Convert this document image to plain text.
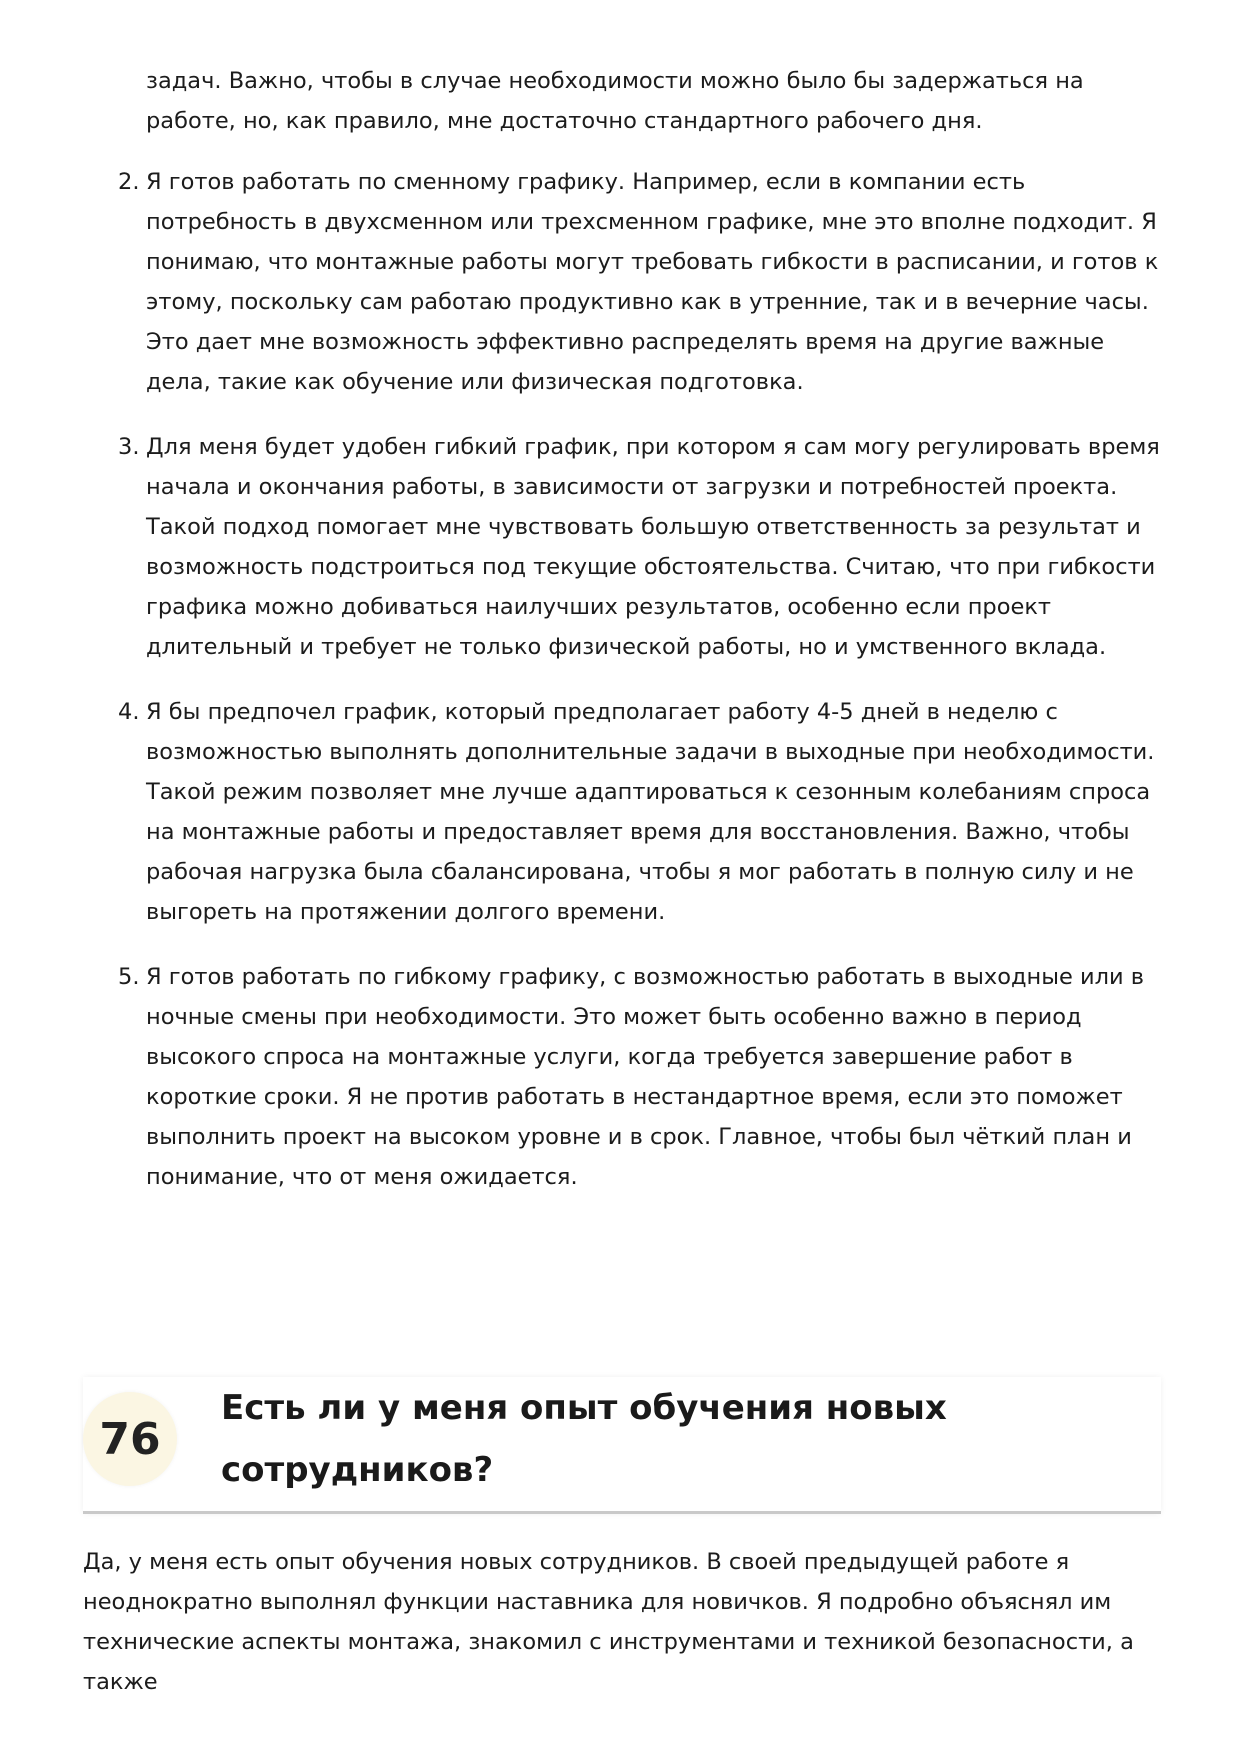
задач. Важно, чтобы в случае необходимости можно было бы задержаться на работе, но, как правило, мне достаточно стандартного рабочего дня.

2. Я готов работать по сменному графику. Например, если в компании есть потребность в двухсменном или трехсменном графике, мне это вполне подходит. Я понимаю, что монтажные работы могут требовать гибкости в расписании, и готов к этому, поскольку сам работаю продуктивно как в утренние, так и в вечерние часы. Это дает мне возможность эффективно распределять время на другие важные дела, такие как обучение или физическая подготовка.
3. Для меня будет удобен гибкий график, при котором я сам могу регулировать время начала и окончания работы, в зависимости от загрузки и потребностей проекта. Такой подход помогает мне чувствовать большую ответственность за результат и возможность подстроиться под текущие обстоятельства. Считаю, что при гибкости графика можно добиваться наилучших результатов, особенно если проект длительный и требует не только физической работы, но и умственного вклада.
4. Я бы предпочел график, который предполагает работу 4-5 дней в неделю с возможностью выполнять дополнительные задачи в выходные при необходимости. Такой режим позволяет мне лучше адаптироваться к сезонным колебаниям спроса на монтажные работы и предоставляет время для восстановления. Важно, чтобы рабочая нагрузка была сбалансирована, чтобы я мог работать в полную силу и не выгореть на протяжении долгого времени.
5. Я готов работать по гибкому графику, с возможностью работать в выходные или в ночные смены при необходимости. Это может быть особенно важно в период высокого спроса на монтажные услуги, когда требуется завершение работ в короткие сроки. Я не против работать в нестандартное время, если это поможет выполнить проект на высоком уровне и в срок. Главное, чтобы был чёткий план и понимание, что от меня ожидается.
76
Есть ли у меня опыт обучения новых сотрудников?

Да, у меня есть опыт обучения новых сотрудников. В своей предыдущей работе я неоднократно выполнял функции наставника для новичков. Я подробно объяснял им технические аспекты монтажа, знакомил с инструментами и техникой безопасности, а также
